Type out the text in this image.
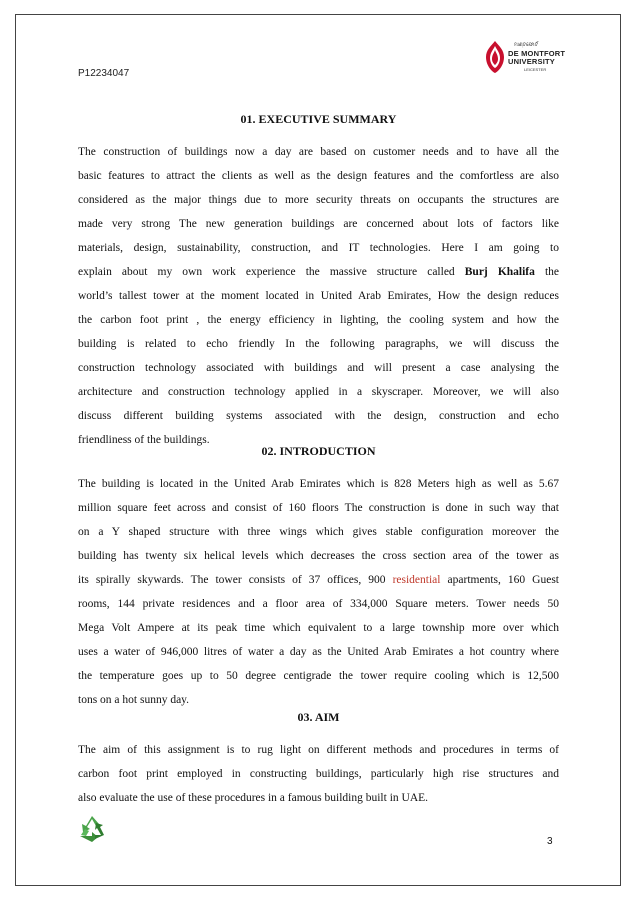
P12234047
ମାଣ୍ଟଫୋର୍ଟ
DE MONTFORT
UNIVERSITY
LEICESTER
01. EXECUTIVE SUMMARY
The construction of buildings now a day are based on customer needs and to have all the
basic features to attract the clients as well as the design features and the comfortless are also
considered as the major things due to more security threats on occupants the structures are
made very strong The new generation buildings are concerned about lots of factors like
materials, design, sustainability, construction, and IT technologies. Here I am going to
explain about my own work experience the massive structure called Burj Khalifa the
world’s tallest tower at the moment located in United Arab Emirates, How the design reduces
the carbon foot print , the energy efficiency in lighting, the cooling system and how the
building is related to echo friendly In the following paragraphs, we will discuss the
construction technology associated with buildings and will present a case analysing the
architecture and construction technology applied in a skyscraper. Moreover, we will also
discuss different building systems associated with the design, construction and echo
friendliness of the buildings.
02. INTRODUCTION
The building is located in the United Arab Emirates which is 828 Meters high as well as 5.67
million square feet across and consist of 160 floors The construction is done in such way that
on a Y shaped structure with three wings which gives stable configuration moreover the
building has twenty six helical levels which decreases the cross section area of the tower as
its spirally skywards. The tower consists of 37 offices, 900 residential apartments, 160 Guest
rooms, 144 private residences and a floor area of 334,000 Square meters. Tower needs 50
Mega Volt Ampere at its peak time which equivalent to a large township more over which
uses a water of 946,000 litres of water a day as the United Arab Emirates a hot country where
the temperature goes up to 50 degree centigrade the tower require cooling which is 12,500
tons on a hot sunny day.
03. AIM
The aim of this assignment is to rug light on different methods and procedures in terms of
carbon foot print employed in constructing buildings, particularly high rise structures and
also evaluate the use of these procedures in a famous building built in UAE.
3
